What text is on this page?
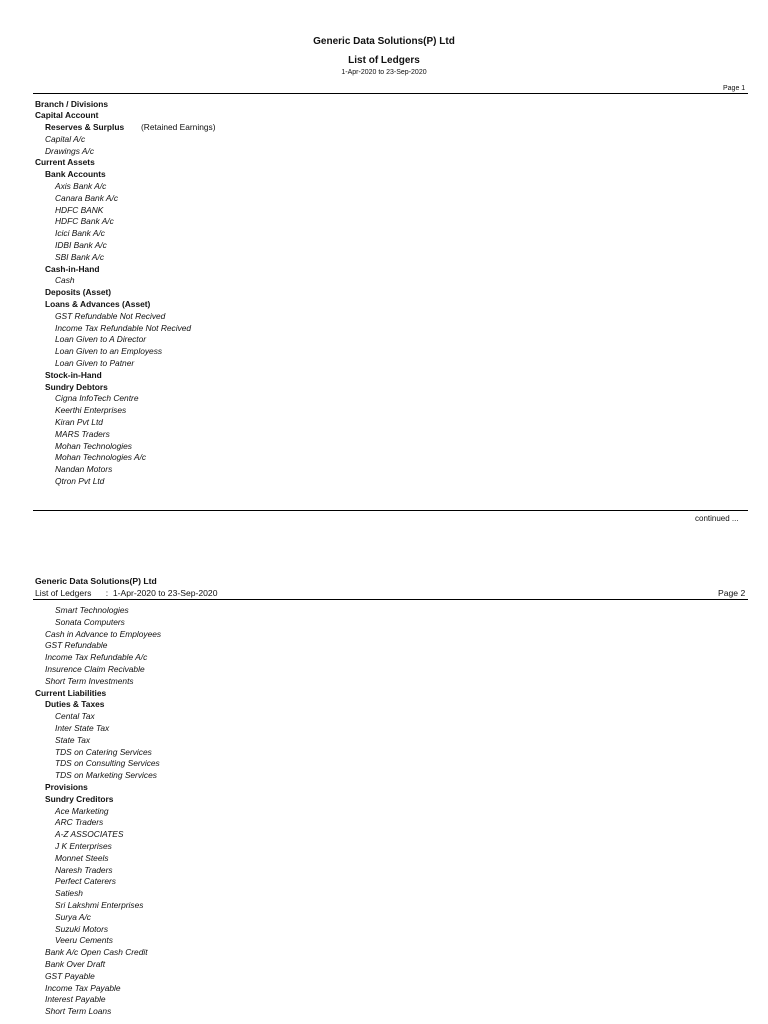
Generic Data Solutions(P) Ltd
List of Ledgers
1-Apr-2020 to 23-Sep-2020
Page 1
Branch / Divisions
Capital Account
Reserves & Surplus (Retained Earnings)
Capital A/c
Drawings A/c
Current Assets
Bank Accounts
Axis Bank A/c
Canara Bank A/c
HDFC BANK
HDFC Bank A/c
Icici Bank A/c
IDBI Bank A/c
SBI Bank A/c
Cash-in-Hand
Cash
Deposits (Asset)
Loans & Advances (Asset)
GST Refundable Not Recived
Income Tax Refundable Not Recived
Loan Given to A Director
Loan Given to an Employess
Loan Given to Patner
Stock-in-Hand
Sundry Debtors
Cigna InfoTech Centre
Keerthi Enterprises
Kiran Pvt Ltd
MARS Traders
Mohan Technologies
Mohan Technologies A/c
Nandan Motors
Qtron Pvt Ltd
continued ...
Generic Data Solutions(P) Ltd
List of Ledgers      :  1-Apr-2020 to 23-Sep-2020	Page 2
Smart Technologies
Sonata Computers
Cash in Advance to Employees
GST Refundable
Income Tax Refundable A/c
Insurence Claim Recivable
Short Term Investments
Current Liabilities
Duties & Taxes
Cental Tax
Inter State Tax
State Tax
TDS on Catering Services
TDS on Consulting Services
TDS on Marketing Services
Provisions
Sundry Creditors
Ace Marketing
ARC Traders
A-Z ASSOCIATES
J K Enterprises
Monnet Steels
Naresh Traders
Perfect Caterers
Satiesh
Sri Lakshmi Enterprises
Surya A/c
Suzuki Motors
Veeru Cements
Bank A/c Open Cash Credit
Bank Over Draft
GST Payable
Income Tax Payable
Interest Payable
Short Term Loans
